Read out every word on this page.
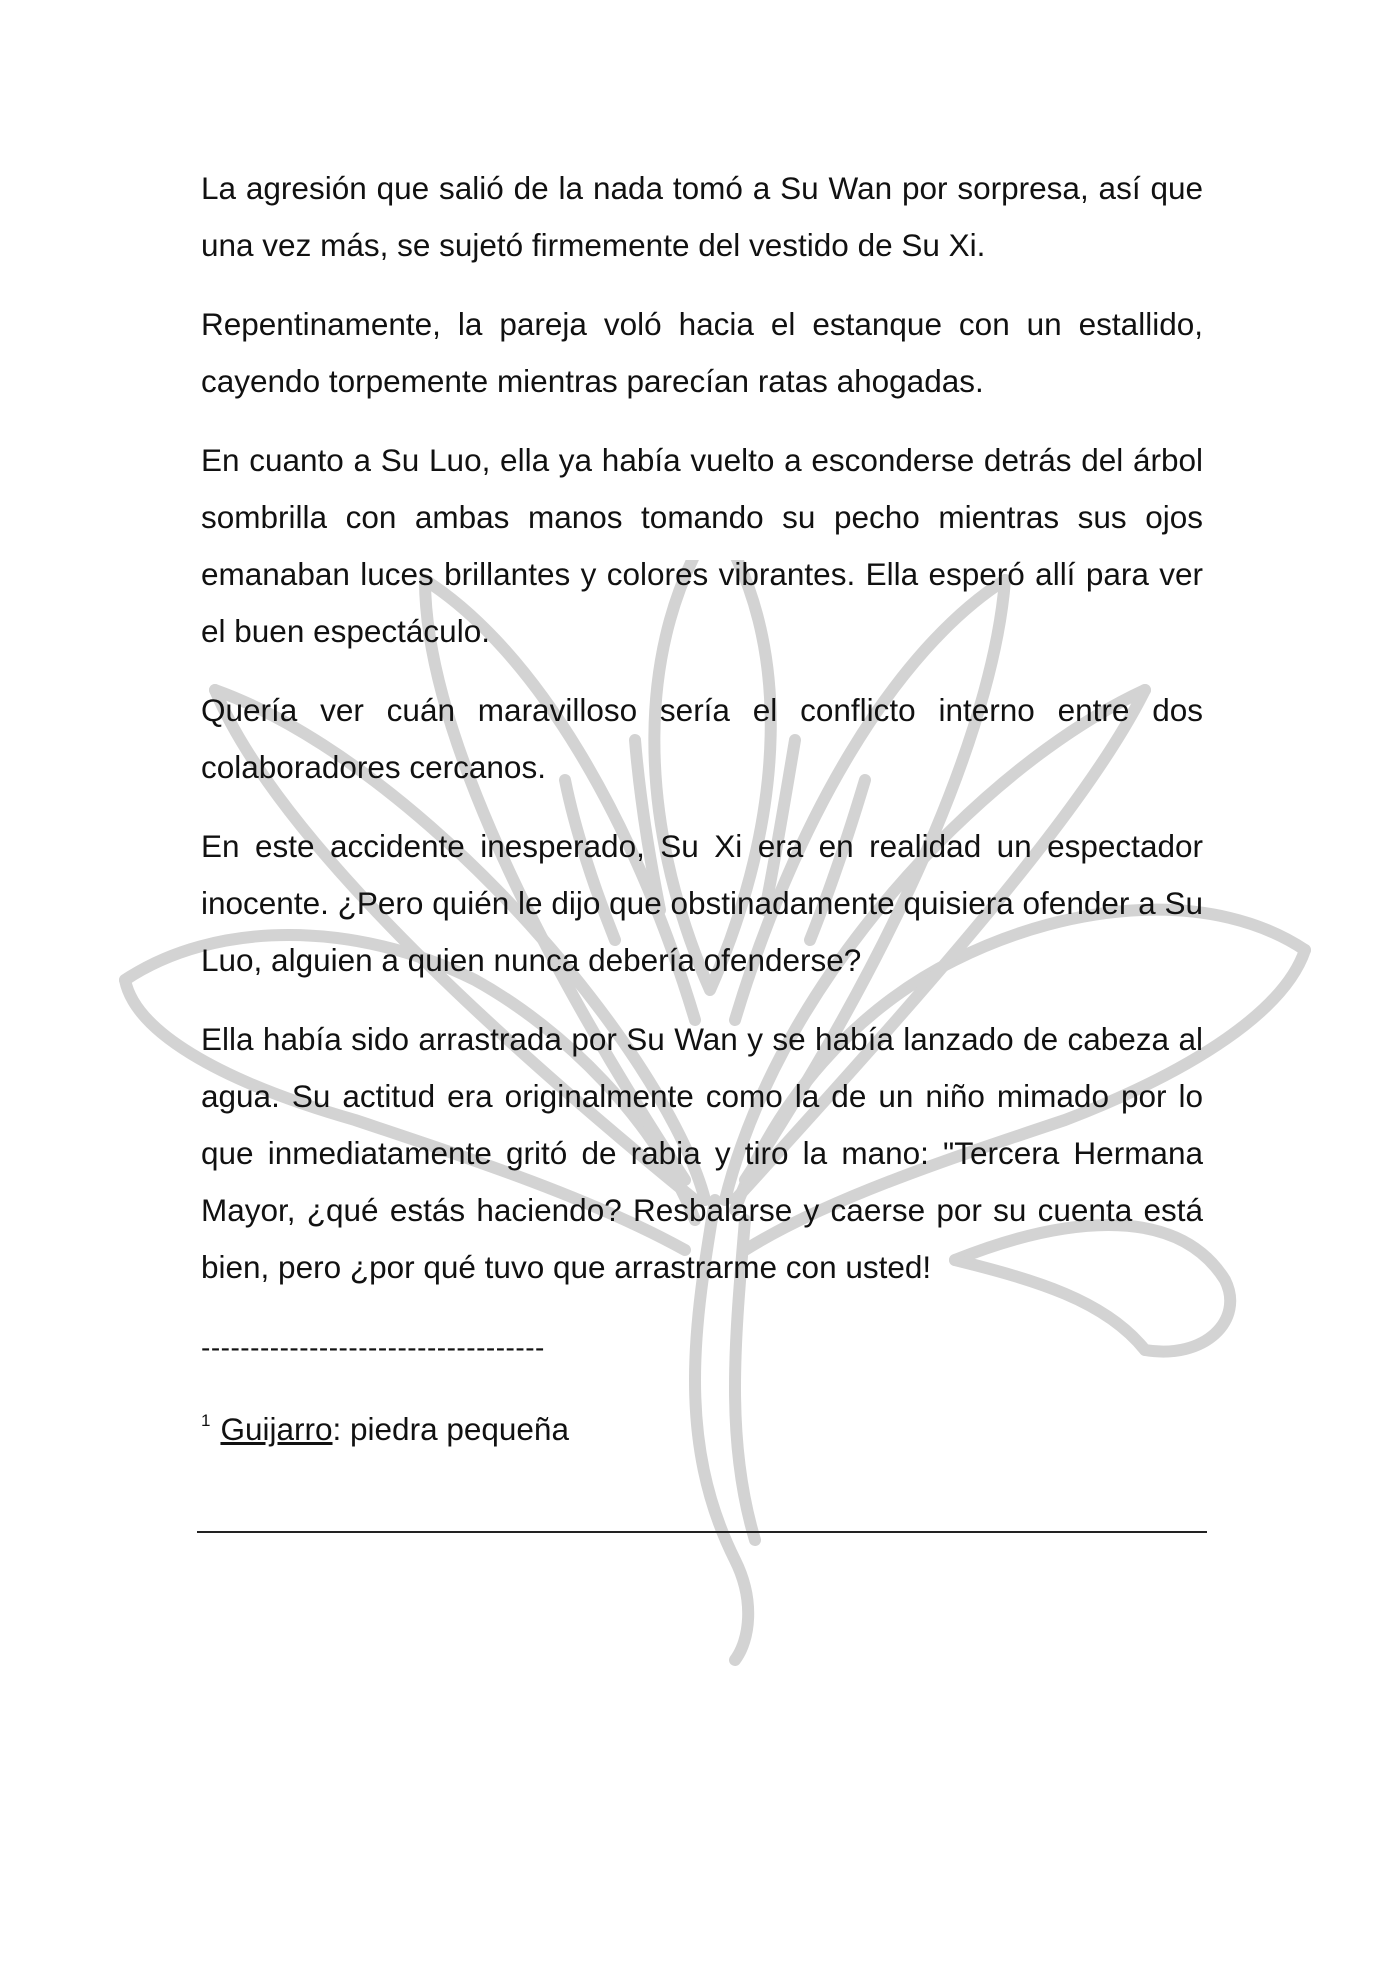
La agresión que salió de la nada tomó a Su Wan por sorpresa, así que una vez más, se sujetó firmemente del vestido de Su Xi.

Repentinamente, la pareja voló hacia el estanque con un estallido, cayendo torpemente mientras parecían ratas ahogadas.

En cuanto a Su Luo, ella ya había vuelto a esconderse detrás del árbol sombrilla con ambas manos tomando su pecho mientras sus ojos emanaban luces brillantes y colores vibrantes. Ella esperó allí para ver el buen espectáculo.

Quería ver cuán maravilloso sería el conflicto interno entre dos colaboradores cercanos.

En este accidente inesperado, Su Xi era en realidad un espectador inocente. ¿Pero quién le dijo que obstinadamente quisiera ofender a Su Luo, alguien a quien nunca debería ofenderse?

Ella había sido arrastrada por Su Wan y se había lanzado de cabeza al agua. Su actitud era originalmente como la de un niño mimado por lo que inmediatamente gritó de rabia y tiro la mano: "Tercera Hermana Mayor, ¿qué estás haciendo? Resbalarse y caerse por su cuenta está bien, pero ¿por qué tuvo que arrastrarme con usted!

-----------------------------------
$^1$ Guijarro: piedra pequeña
